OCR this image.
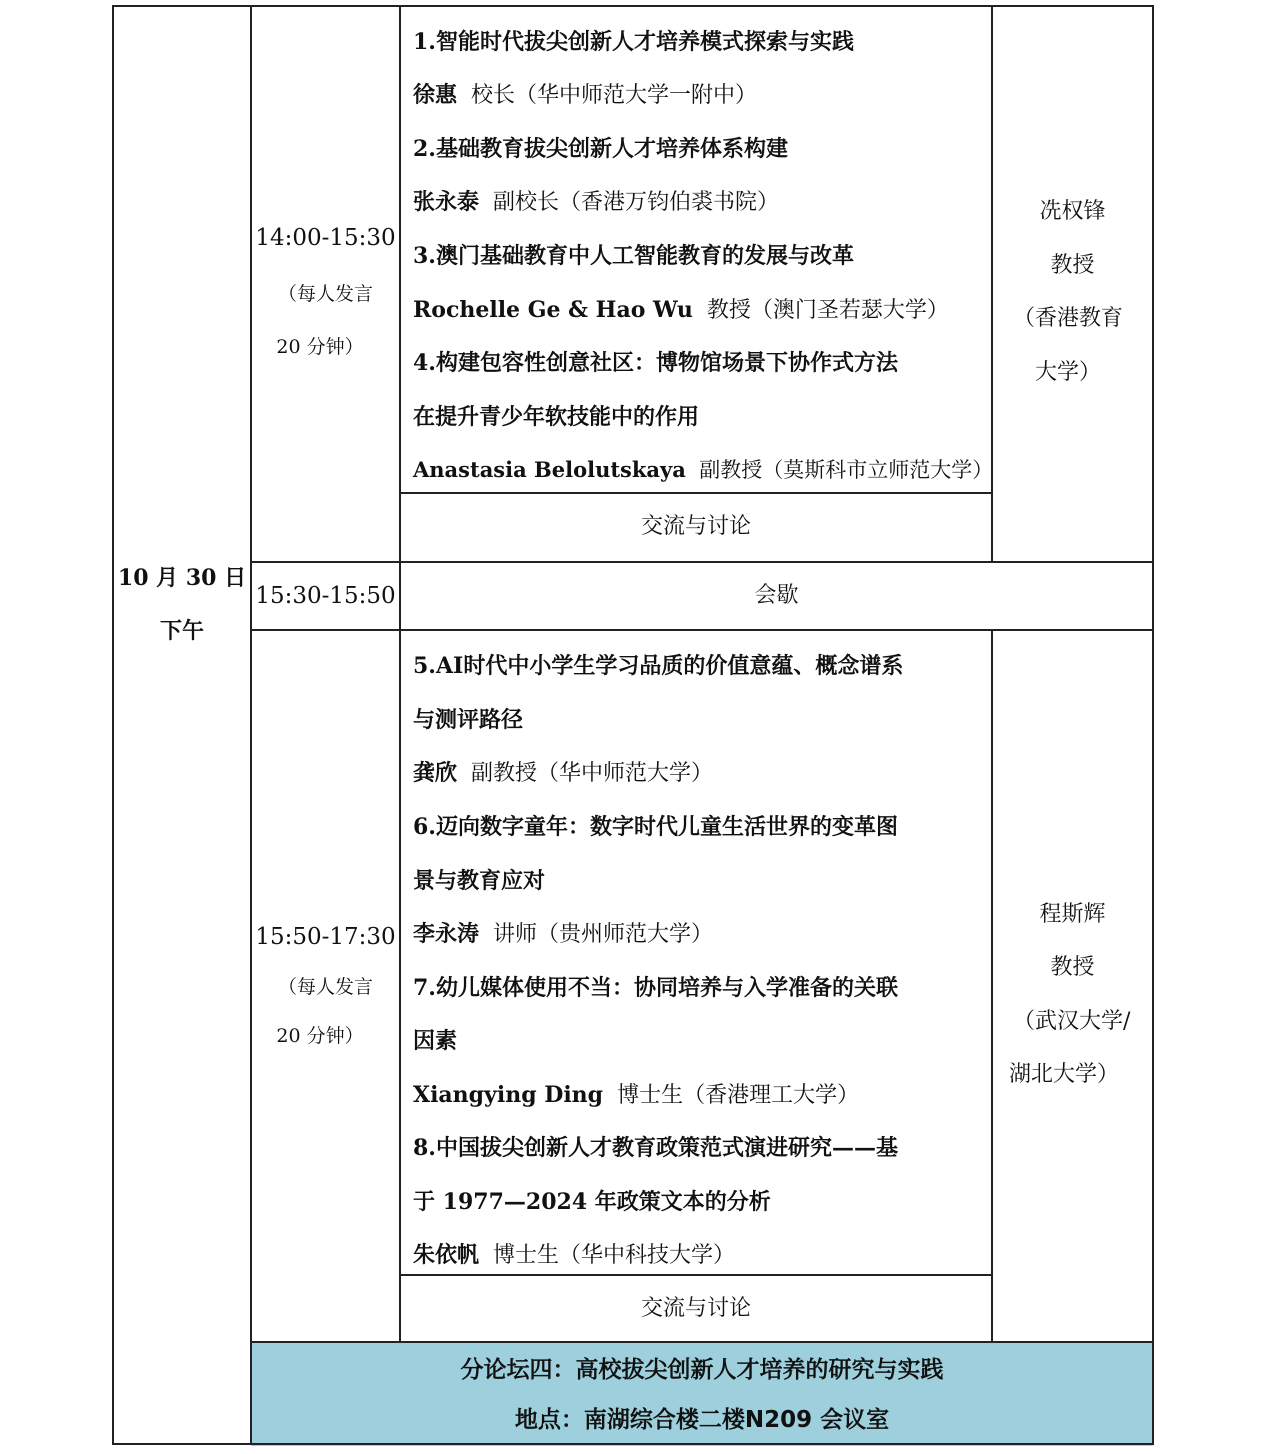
10 月 30 日
下午
14:00-15:30
（每人发言
20 分钟）
1.智能时代拔尖创新人才培养模式探索与实践
徐惠 校长（华中师范大学一附中）
2.基础教育拔尖创新人才培养体系构建
张永泰 副校长（香港万钧伯裘书院）
3.澳门基础教育中人工智能教育的发展与改革
Rochelle Ge & Hao Wu 教授（澳门圣若瑟大学）
4.构建包容性创意社区：博物馆场景下协作式方法
在提升青少年软技能中的作用
Anastasia Belolutskaya 副教授（莫斯科市立师范大学）
交流与讨论
冼权锋
教授
（香港教育
大学）
15:30-15:50	会歇
15:50-17:30
（每人发言
20 分钟）
5.AI时代中小学生学习品质的价值意蕴、概念谱系
与测评路径
龚欣 副教授（华中师范大学）
6.迈向数字童年：数字时代儿童生活世界的变革图
景与教育应对
李永涛 讲师（贵州师范大学）
7.幼儿媒体使用不当：协同培养与入学准备的关联
因素
Xiangying Ding 博士生（香港理工大学）
8.中国拔尖创新人才教育政策范式演进研究——基
于 1977—2024 年政策文本的分析
朱依帆 博士生（华中科技大学）
交流与讨论
程斯辉
教授
（武汉大学/
湖北大学）
分论坛四：高校拔尖创新人才培养的研究与实践
地点：南湖综合楼二楼N209 会议室
